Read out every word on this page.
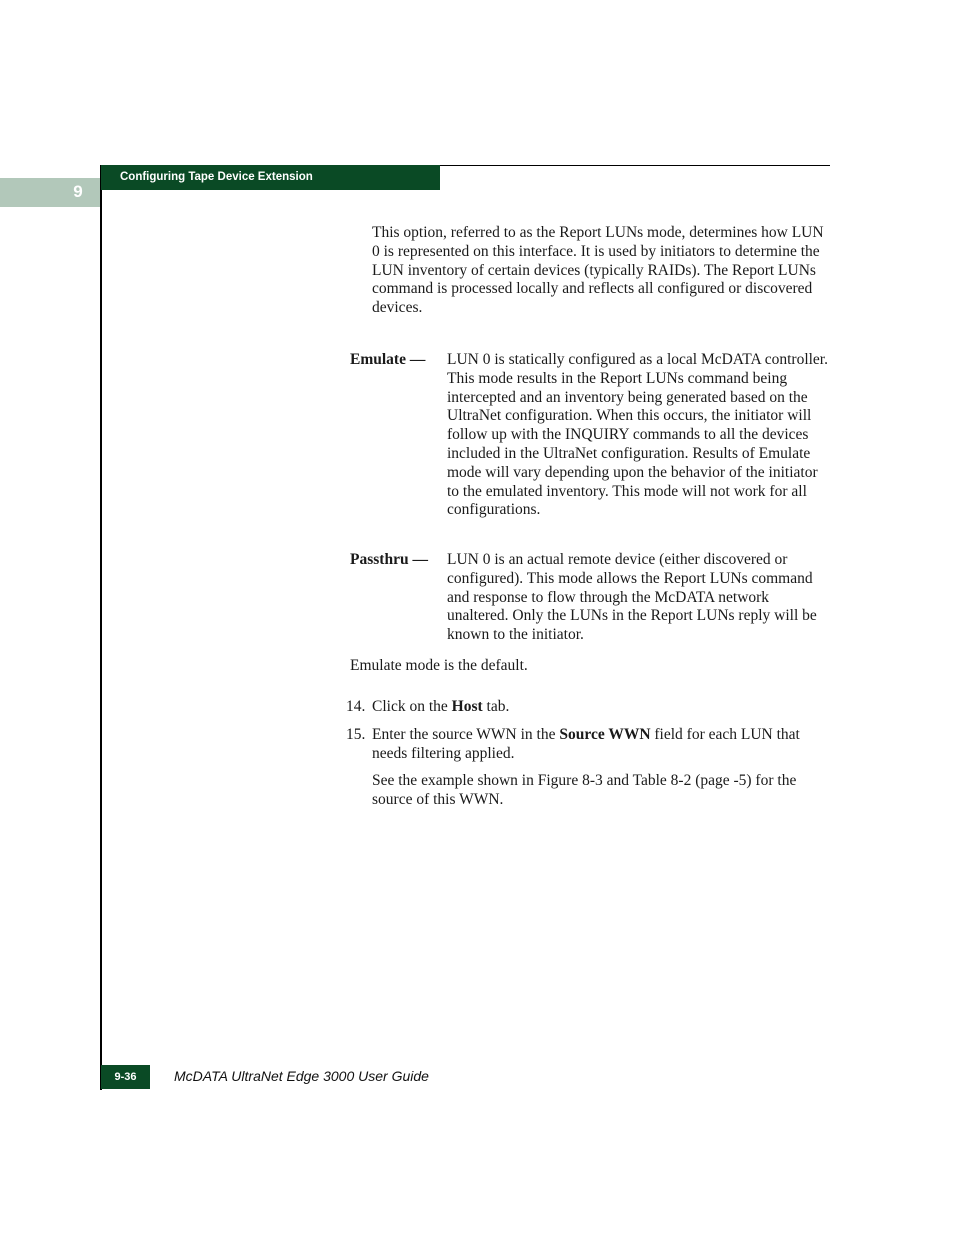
9
Configuring Tape Device Extension

This option, referred to as the Report LUNs mode, determines how LUN 0 is represented on this interface. It is used by initiators to determine the LUN inventory of certain devices (typically RAIDs). The Report LUNs command is processed locally and reflects all configured or discovered devices.

Emulate — LUN 0 is statically configured as a local McDATA controller. This mode results in the Report LUNs command being intercepted and an inventory being generated based on the UltraNet configuration. When this occurs, the initiator will follow up with the INQUIRY commands to all the devices included in the UltraNet configuration. Results of Emulate mode will vary depending upon the behavior of the initiator to the emulated inventory. This mode will not work for all configurations.

Passthru — LUN 0 is an actual remote device (either discovered or configured). This mode allows the Report LUNs command and response to flow through the McDATA network unaltered. Only the LUNs in the Report LUNs reply will be known to the initiator.

Emulate mode is the default.

14. Click on the Host tab.

15. Enter the source WWN in the Source WWN field for each LUN that needs filtering applied.

See the example shown in Figure 8-3 and Table 8-2 (page -5) for the source of this WWN.

9-36	McDATA UltraNet Edge 3000 User Guide
